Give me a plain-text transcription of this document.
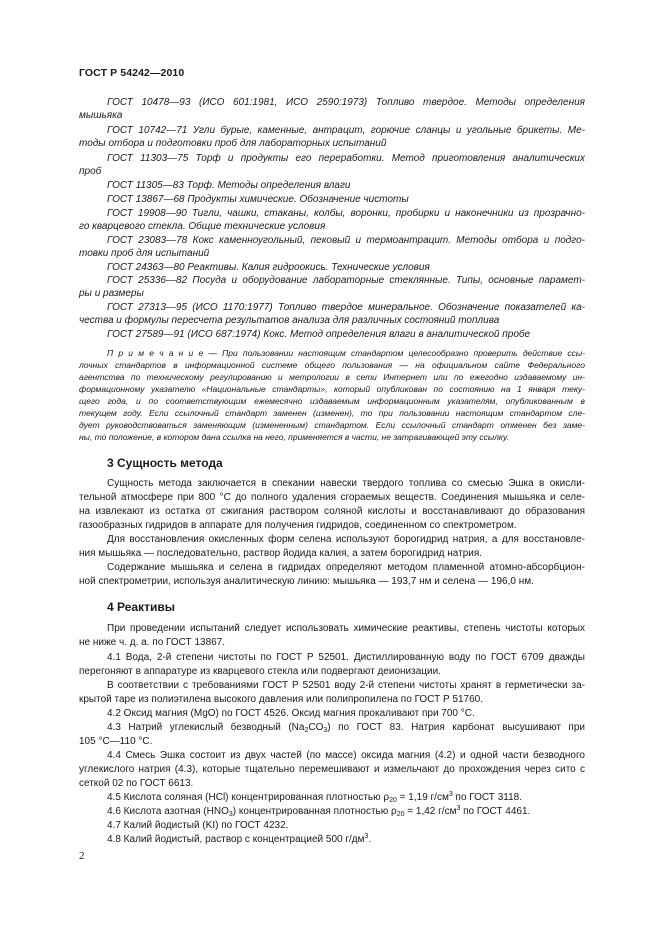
ГОСТ Р 54242—2010
ГОСТ 10478—93 (ИСО 601:1981, ИСО 2590:1973) Топливо твердое. Методы определения
мышьяка
ГОСТ 10742—71 Угли бурые, каменные, антрацит, горючие сланцы и угольные брикеты. Ме-
тоды отбора и подготовки проб для лабораторных испытаний
ГОСТ 11303—75 Торф и продукты его переработки. Метод приготовления аналитических
проб
ГОСТ 11305—83 Торф. Методы определения влаги
ГОСТ 13867—68 Продукты химические. Обозначение чистоты
ГОСТ 19908—90 Тигли, чашки, стаканы, колбы, воронки, пробирки и наконечники из прозрачно-
го кварцевого стекла. Общие технические условия
ГОСТ 23083—78 Кокс каменноугольный, пековый и термоантрацит. Методы отбора и подго-
товки проб для испытаний
ГОСТ 24363—80 Реактивы. Калия гидроокись. Технические условия
ГОСТ 25336—82 Посуда и оборудование лабораторные стеклянные. Типы, основные парамет-
ры и размеры
ГОСТ 27313—95 (ИСО 1170:1977) Топливо твердое минеральное. Обозначение показателей ка-
чества и формулы пересчета результатов анализа для различных состояний топлива
ГОСТ 27589—91 (ИСО 687:1974) Кокс. Метод определения влаги в аналитической пробе
П р и м е ч а н и е — При пользовании настоящим стандартом целесообразно проверить действие ссы-
лочных стандартов в информационной системе общего пользования — на официальном сайте Федерального
агентства по техническому регулированию и метрологии в сети Интернет или по ежегодно издаваемому ин-
формационному указателю «Национальные стандарты», который опубликован по состоянию на 1 января теку-
щего года, и по соответствующим ежемесячно издаваемым информационным указателям, опубликованным в
текущем году. Если ссылочный стандарт заменен (изменен), то при пользовании настоящим стандартом сле-
дует руководствоваться заменяющим (измененным) стандартом. Если ссылочный стандарт отменен без заме-
ны, то положение, в котором дана ссылка на него, применяется в части, не затрагивающей эту ссылку.
3 Сущность метода
Сущность метода заключается в спекании навески твердого топлива со смесью Эшка в окисли-
тельной атмосфере при 800 °С до полного удаления сгораемых веществ. Соединения мышьяка и селе-
на извлекают из остатка от сжигания раствором соляной кислоты и восстанавливают до образования
газообразных гидридов в аппарате для получения гидридов, соединенном со спектрометром.
Для восстановления окисленных форм селена используют борогидрид натрия, а для восстановле-
ния мышьяка — последовательно, раствор йодида калия, а затем борогидрид натрия.
Содержание мышьяка и селена в гидридах определяют методом пламенной атомно-абсорбцион-
ной спектрометрии, используя аналитическую линию: мышьяка — 193,7 нм и селена — 196,0 нм.
4 Реактивы
При проведении испытаний следует использовать химические реактивы, степень чистоты которых
не ниже ч. д. а. по ГОСТ 13867.
4.1 Вода, 2-й степени чистоты по ГОСТ Р 52501. Дистиллированную воду по ГОСТ 6709 дважды
перегоняют в аппаратуре из кварцевого стекла или подвергают деионизации.
В соответствии с требованиями ГОСТ Р 52501 воду 2-й степени чистоты хранят в герметически за-
крытой таре из полиэтилена высокого давления или полипропилена по ГОСТ Р 51760.
4.2 Оксид магния (MgO) по ГОСТ 4526. Оксид магния прокаливают при 700 °С.
4.3 Натрий углекислый безводный $(Na_2CO_3)$ по ГОСТ 83. Натрия карбонат высушивают при
105 °С—110 °С.
4.4 Смесь Эшка состоит из двух частей (по массе) оксида магния (4.2) и одной части безводного
углекислого натрия (4.3), которые тщательно перемешивают и измельчают до прохождения через сито с
сеткой 02 по ГОСТ 6613.
4.5 Кислота соляная (HCl) концентрированная плотностью $\rho_{20} = 1,19$ $г/см^3$ по ГОСТ 3118.
4.6 Кислота азотная $(HNO_3)$ концентрированная плотностью $\rho_{20} = 1,42$ $г/см^3$ по ГОСТ 4461.
4.7 Калий йодистый (KI) по ГОСТ 4232.
4.8 Калий йодистый, раствор с концентрацией 500 $г/дм^3$.
2
